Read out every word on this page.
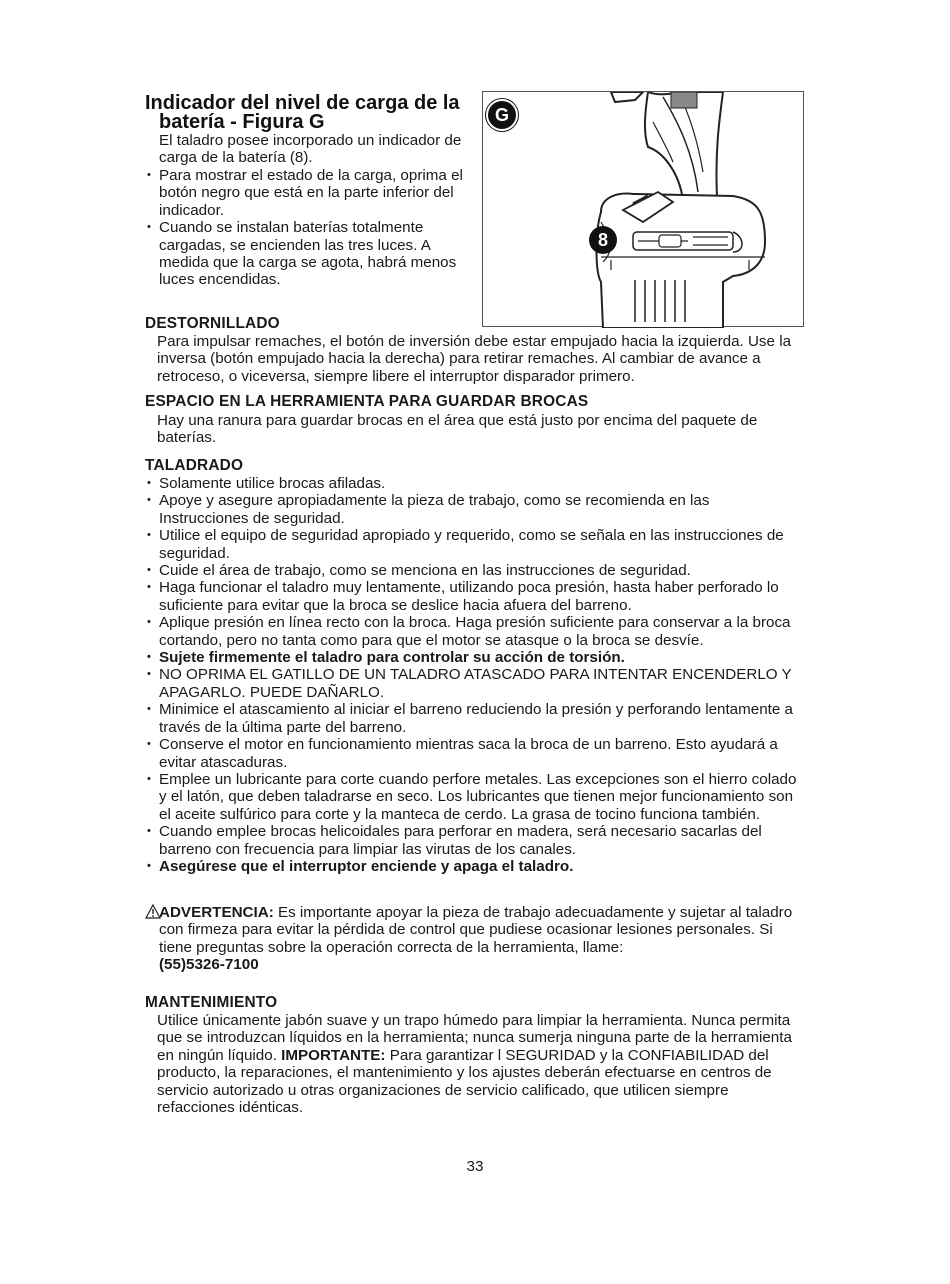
Indicador del nivel de carga de la
batería - Figura G
El taladro posee incorporado un indicador de carga de la batería (8).
• Para mostrar el estado de la carga, oprima el botón negro que está en la parte inferior del indicador.
• Cuando se instalan baterías totalmente cargadas, se encienden las tres luces. A medida que la carga se agota, habrá menos luces encendidas.
G
8
DESTORNILLADO
Para impulsar remaches, el botón de inversión debe estar empujado hacia la izquierda. Use la inversa (botón empujado hacia la derecha) para retirar remaches. Al cambiar de avance a retroceso, o viceversa, siempre libere el interruptor disparador primero.
ESPACIO EN LA HERRAMIENTA PARA GUARDAR BROCAS
Hay una ranura para guardar brocas en el área que está justo por encima del paquete de baterías.
TALADRADO
• Solamente utilice brocas afiladas.
• Apoye y asegure apropiadamente la pieza de trabajo, como se recomienda en las Instrucciones de seguridad.
• Utilice el equipo de seguridad apropiado y requerido, como se señala en las instrucciones de seguridad.
• Cuide el área de trabajo, como se menciona en las instrucciones de seguridad.
• Haga funcionar el taladro muy lentamente, utilizando poca presión, hasta haber perforado lo suficiente para evitar que la broca se deslice hacia afuera del barreno.
• Aplique presión en línea recto con la broca. Haga presión suficiente para conservar a la broca cortando, pero no tanta como para que el motor se atasque o la broca se desvíe.
• Sujete firmemente el taladro para controlar su acción de torsión.
• NO OPRIMA EL GATILLO DE UN TALADRO ATASCADO PARA INTENTAR ENCENDERLO Y APAGARLO. PUEDE DAÑARLO.
• Minimice el atascamiento al iniciar el barreno reduciendo la presión y perforando lentamente a través de la última parte del barreno.
• Conserve el motor en funcionamiento mientras saca la broca de un barreno. Esto ayudará a evitar atascaduras.
• Emplee un lubricante para corte cuando perfore metales. Las excepciones son el hierro colado y el latón, que deben taladrarse en seco. Los lubricantes que tienen mejor funcionamiento son el aceite sulfúrico para corte y la manteca de cerdo. La grasa de tocino funciona también.
• Cuando emplee brocas helicoidales para perforar en madera, será necesario sacarlas del barreno con frecuencia para limpiar las virutas de los canales.
• Asegúrese que el interruptor enciende y apaga el taladro.
ADVERTENCIA: Es importante apoyar la pieza de trabajo adecuadamente y sujetar al taladro con firmeza para evitar la pérdida de control que pudiese ocasionar lesiones personales. Si tiene preguntas sobre la operación correcta de la herramienta, llame:
(55)5326-7100
MANTENIMIENTO
Utilice únicamente jabón suave y un trapo húmedo para limpiar la herramienta. Nunca permita que se introduzcan líquidos en la herramienta; nunca sumerja ninguna parte de la herramienta en ningún líquido. IMPORTANTE: Para garantizar l SEGURIDAD y la CONFIABILIDAD del producto, la reparaciones, el mantenimiento y los ajustes deberán efectuarse en centros de servicio autorizado u otras organizaciones de servicio calificado, que utilicen siempre refacciones idénticas.
33
